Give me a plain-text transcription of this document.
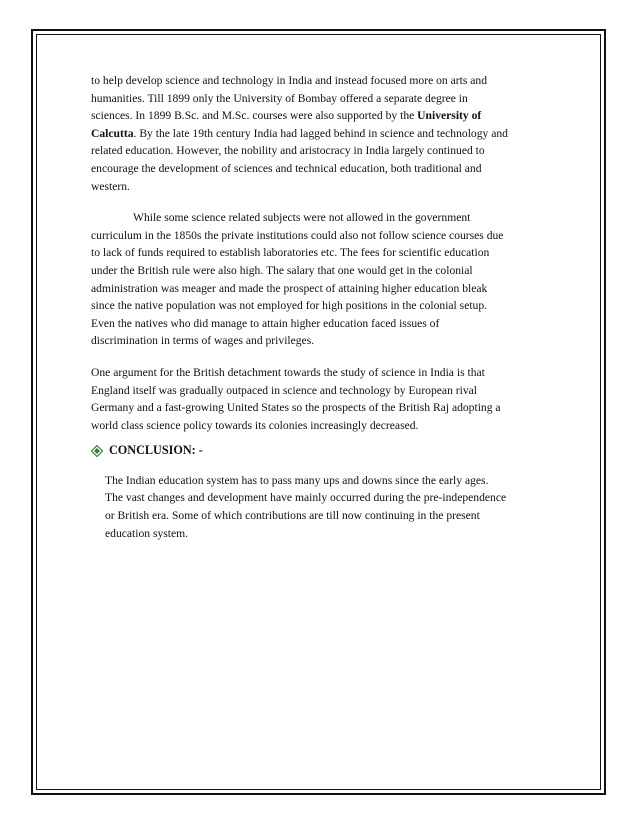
to help develop science and technology in India and instead focused more on arts and
humanities. Till 1899 only the University of Bombay offered a separate degree in
sciences. In 1899 B.Sc. and M.Sc. courses were also supported by the University of
Calcutta. By the late 19th century India had lagged behind in science and technology and
related education. However, the nobility and aristocracy in India largely continued to
encourage the development of sciences and technical education, both traditional and
western.
While some science related subjects were not allowed in the government
curriculum in the 1850s the private institutions could also not follow science courses due
to lack of funds required to establish laboratories etc. The fees for scientific education
under the British rule were also high. The salary that one would get in the colonial
administration was meager and made the prospect of attaining higher education bleak
since the native population was not employed for high positions in the colonial setup.
Even the natives who did manage to attain higher education faced issues of
discrimination in terms of wages and privileges.
One argument for the British detachment towards the study of science in India is that
England itself was gradually outpaced in science and technology by European rival
Germany and a fast-growing United States so the prospects of the British Raj adopting a
world class science policy towards its colonies increasingly decreased.
CONCLUSION: -
The Indian education system has to pass many ups and downs since the early ages.
The vast changes and development have mainly occurred during the pre-independence
or British era. Some of which contributions are till now continuing in the present
education system.
